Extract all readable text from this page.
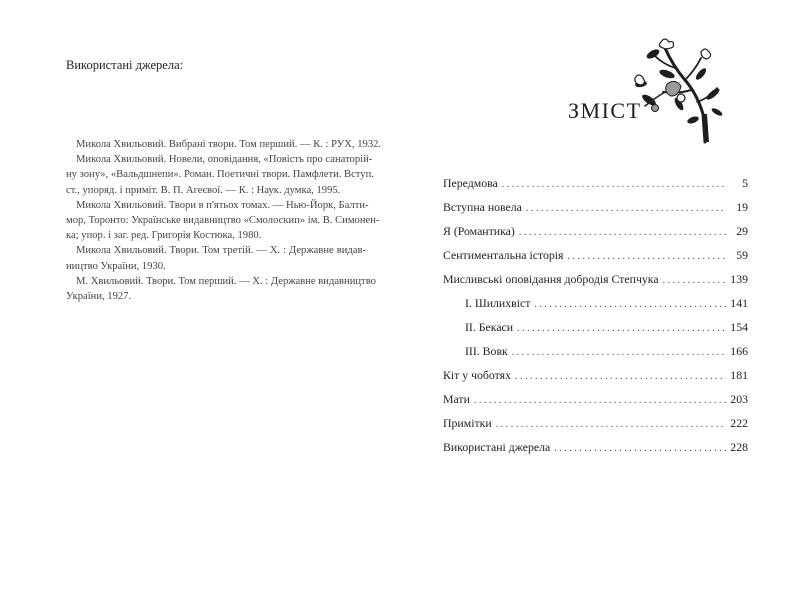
Використані джерела:

Микола Хвильовий. Вибрані твори. Том перший. — К. : РУХ, 1932.

Микола Хвильовий. Новели, оповідання, «Повість про санаторій-
ну зону», «Вальдшнепи». Роман. Поетичні твори. Памфлети. Вступ.
ст., упоряд. і приміт. В. П. Агеєвої. — К. : Наук. думка, 1995.

Микола Хвильовий. Твори в п'ятьох томах. — Нью-Йорк, Балти-
мор, Торонто: Українське видавництво «Смолоскип» ім. В. Симонен-
ка; упор. і заг. ред. Григорія Костюка, 1980.

Микола Хвильовий. Твори. Том третій. — Х. : Державне видав-
ництво України, 1930.

М. Хвильовий. Твори. Том перший. — Х. : Державне видавництво
України, 1927.

ЗМІСТ
Передмова . . .	5
Вступна новела . . .	19
Я (Романтика) . . .	29
Сентиментальна історія . . .	59
Мисливські оповідання добродія Степчука . . .	139
І. Шилихвіст . . .	141
ІІ. Бекаси . . .	154
ІІІ. Вовк . . .	166
Кіт у чоботях . . .	181
Мати . . .	203
Примітки . . .	222
Використані джерела . . .	228
